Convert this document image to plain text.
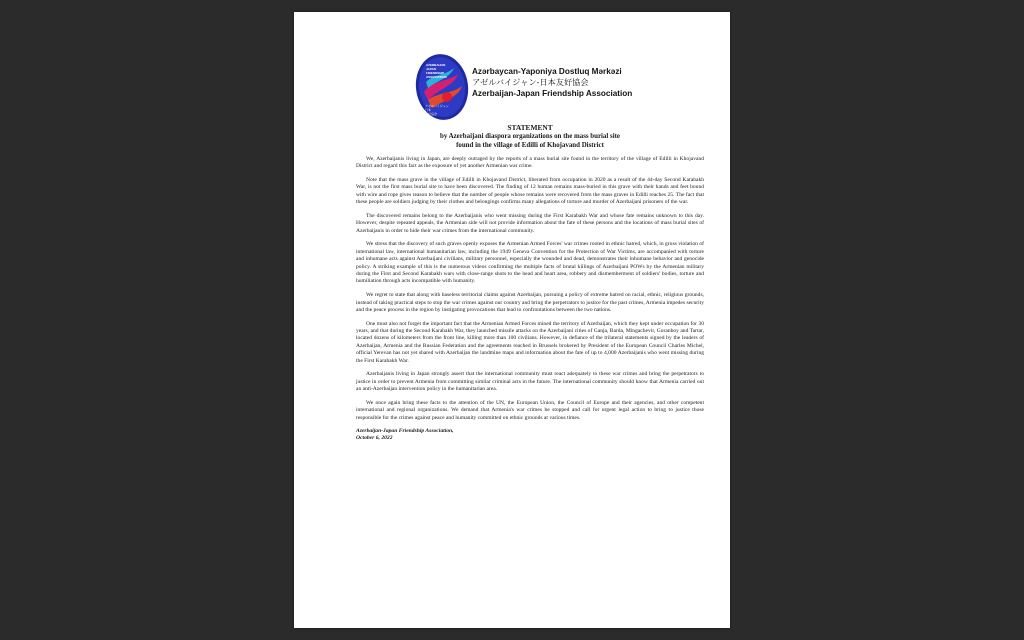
AZERBAIJAN
JAPAN
FRIENDSHIP
ASSOCIATION
アゼルバイジャン
日本
友好 協会
Azərbaycan-Yaponiya Dostluq Mərkəzi
アゼルバイジャン-日本友好協会
Azerbaijan-Japan Friendship Association
STATEMENT
by Azerbaijani diaspora organizations on the mass burial site
found in the village of Edilli of Khojavand District

We, Azerbaijanis living in Japan, are deeply outraged by the reports of a mass burial site found in the territory of the village of Edilli in Khojavand District and regard this fact as the exposure of yet another Armenian war crime.

Note that the mass grave in the village of Edilli in Khojavand District, liberated from occupation in 2020 as a result of the 44-day Second Karabakh War, is not the first mass burial site to have been discovered. The finding of 12 human remains mass-buried in this grave with their hands and feet bound with wire and rope gives reason to believe that the number of people whose remains were recovered from the mass graves in Edilli reaches 25. The fact that these people are soldiers judging by their clothes and belongings confirms many allegations of torture and murder of Azerbaijani prisoners of the war.

The discovered remains belong to the Azerbaijanis who went missing during the First Karabakh War and whose fate remains unknown to this day. However, despite repeated appeals, the Armenian side will not provide information about the fate of these persons and the locations of mass burial sites of Azerbaijanis in order to hide their war crimes from the international community.

We stress that the discovery of such graves openly exposes the Armenian Armed Forces' war crimes rooted in ethnic hatred, which, in gross violation of international law, international humanitarian law, including the 1949 Geneva Convention for the Protection of War Victims, are accompanied with torture and inhumane acts against Azerbaijani civilians, military personnel, especially the wounded and dead, demonstrates their inhumane behavior and genocide policy. A striking example of this is the numerous videos confirming the multiple facts of brutal killings of Azerbaijani POWs by the Armenian military during the First and Second Karabakh wars with close-range shots to the head and heart area, robbery and dismemberment of soldiers' bodies, torture and humiliation through acts incompatible with humanity.

We regret to state that along with baseless territorial claims against Azerbaijan, pursuing a policy of extreme hatred on racial, ethnic, religious grounds, instead of taking practical steps to stop the war crimes against our country and bring the perpetrators to justice for the past crimes, Armenia impedes security and the peace process in the region by instigating provocations that lead to confrontations between the two nations.

One must also not forget the important fact that the Armenian Armed Forces mined the territory of Azerbaijan, which they kept under occupation for 30 years, and that during the Second Karabakh War, they launched missile attacks on the Azerbaijani cities of Ganja, Barda, Mingachevir, Goranboy and Tartar, located dozens of kilometers from the front line, killing more than 100 civilians. However, in defiance of the trilateral statements signed by the leaders of Azerbaijan, Armenia and the Russian Federation and the agreements reached in Brussels brokered by President of the European Council Charles Michel, official Yerevan has not yet shared with Azerbaijan the landmine maps and information about the fate of up to 4,000 Azerbaijanis who went missing during the First Karabakh War.

Azerbaijanis living in Japan strongly assert that the international community must react adequately to these war crimes and bring the perpetrators to justice in order to prevent Armenia from committing similar criminal acts in the future. The international community should know that Armenia carried out an anti-Azerbaijan intervention policy in the humanitarian area.

We once again bring these facts to the attention of the UN, the European Union, the Council of Europe and their agencies, and other competent international and regional organizations. We demand that Armenia's war crimes be stopped and call for urgent legal action to bring to justice those responsible for the crimes against peace and humanity committed on ethnic grounds at various times.

Azerbaijan-Japan Friendship Association,
October 6, 2022
